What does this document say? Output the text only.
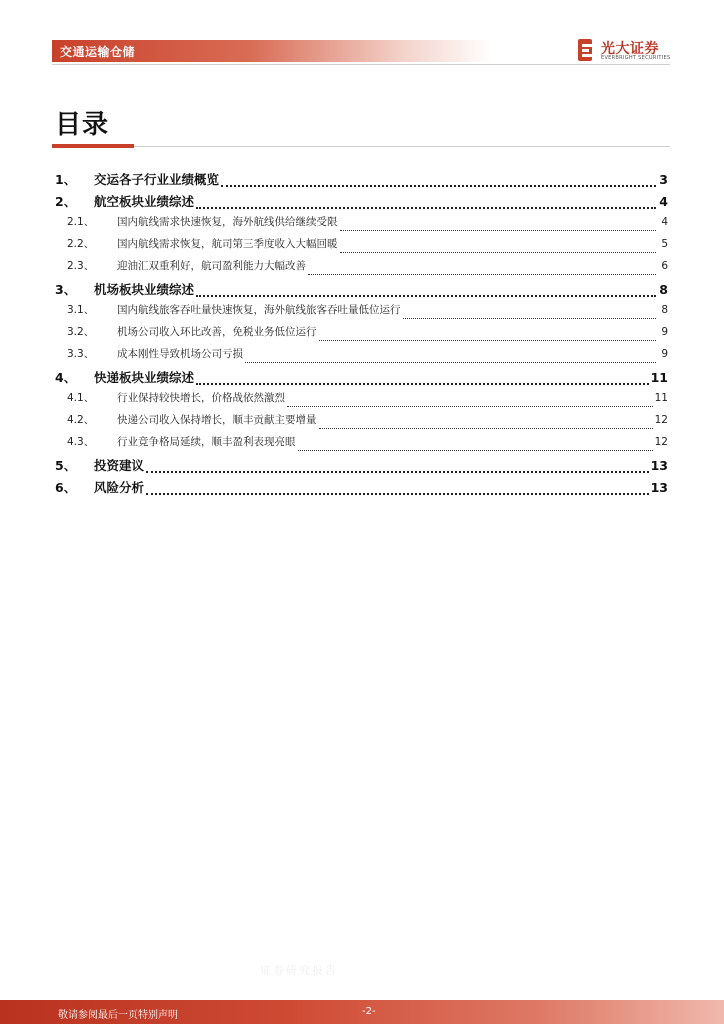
交通运输仓储	光大证券
EVERBRIGHT SECURITIES
目录
1、	交运各子行业业绩概览	3
2、	航空板块业绩综述	4
2.1、	国内航线需求快速恢复，海外航线供给继续受限	4
2.2、	国内航线需求恢复，航司第三季度收入大幅回暖	5
2.3、	迎油汇双重利好，航司盈利能力大幅改善	6
3、	机场板块业绩综述	8
3.1、	国内航线旅客吞吐量快速恢复，海外航线旅客吞吐量低位运行	8
3.2、	机场公司收入环比改善，免税业务低位运行	9
3.3、	成本刚性导致机场公司亏损	9
4、	快递板块业绩综述	11
4.1、	行业保持较快增长，价格战依然激烈	11
4.2、	快递公司收入保持增长，顺丰贡献主要增量	12
4.3、	行业竞争格局延续，顺丰盈利表现亮眼	12
5、	投资建议	13
6、	风险分析	13
证券研究报告
敬请参阅最后一页特别声明	-2-
